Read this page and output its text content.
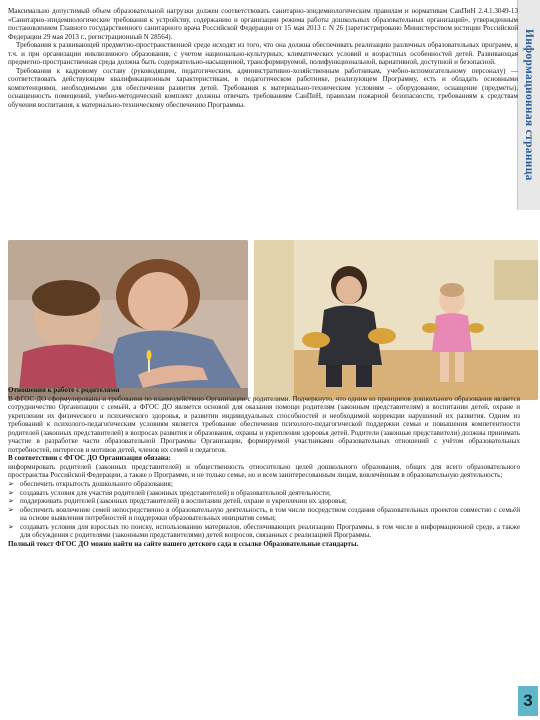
Информационная страница

Максимально допустимый объем образовательной нагрузки должен соответствовать санитарно-эпидемиологическим правилам и нормативам СанПиН 2.4.1.3049-13 «Санитарно-эпидемиологические требования к устройству, содержанию и организации режима работы дошкольных образовательных организаций», утвержденным постановлением Главного государственного санитарного врача Российской Федерации от 15 мая 2013 г. N 26 (зарегистрировано Министерством юстиции Российской Федерации 29 мая 2013 г., регистрационный N 28564).

Требования к развивающей предметно-пространственной среде исходят из того, что она должна обеспечивать реализацию различных образовательных программ, в т.ч. и при организации инклюзивного образования, с учетом национально-культурных, климатических условий и возрастных особенностей детей. Развивающая предметно-пространственная среда должна быть содержательно-насыщенной, трансформируемой, полифункциональной, вариативной, доступной и безопасной.

Требования к кадровому составу (руководящим, педагогическим, административно-хозяйственным работникам, учебно-вспомогательному персоналу) — соответствовать действующим квалификационным характеристикам, в педагогическом работнике, реализующем Программу, есть и обладать основными компетенциями, необходимыми для обеспечения развития детей. Требования к материально-техническим условиям – оборудование, оснащение (предметы), оснащенность помещений, учебно-методический комплект должны отвечать требованиям СанПиН, правилам пожарной безопасности, требованиям к средствам обучения воспитания, к материально-техническому обеспечению Программы.

Отношения к работе с родителями

В ФГОС ДО сформулированы и требования по взаимодействию Организации с родителями. Подчеркнуто, что одним из принципов дошкольного образования является сотрудничество Организации с семьёй, а ФГОС ДО является основой для оказания помощи родителям (законным представителям) в воспитании детей, охране и укреплении их физического и психического здоровья, в развитии индивидуальных способностей и необходимой коррекции нарушений их развития. Одним из требований к психолого-педагогическим условиям является требование обеспечения психолого-педагогической поддержки семьи и повышения компетентности родителей (законных представителей) в вопросах развития и образования, охраны и укрепления здоровья детей. Родители (законные представители) должны принимать участие в разработке части образовательной Программы Организации, формируемой участниками образовательных отношений с учётом образовательных потребностей, интересов и мотивов детей, членов их семей и педагогов.

В соответствии с ФГОС ДО Организация обязана:

информировать родителей (законных представителей) и общественность относительно целей дошкольного образования, общих для всего образовательного пространства Российской Федерации, а также о Программе, и не только семье, но и всем заинтересованным лицам, вовлечённым в образовательную деятельность;

➢ обеспечить открытость дошкольного образования;
➢ создавать условия для участия родителей (законных представителей) в образовательной деятельности;
➢ поддерживать родителей (законных представителей) в воспитании детей, охране и укреплении их здоровья;
➢ обеспечить вовлечение семей непосредственно в образовательную деятельность, в том числе посредством создания образовательных проектов совместно с семьёй на основе выявления потребностей и поддержки образовательных инициатив семьи;
➢ создавать условия для взрослых по поиску, использованию материалов, обеспечивающих реализацию Программы, в том числе в информационной среде, а также для обсуждения с родителями (законными представителями) детей вопросов, связанных с реализацией Программы.

Полный текст ФГОС ДО можно найти на сайте нашего детского сада в ссылке Образовательные стандарты.

3
